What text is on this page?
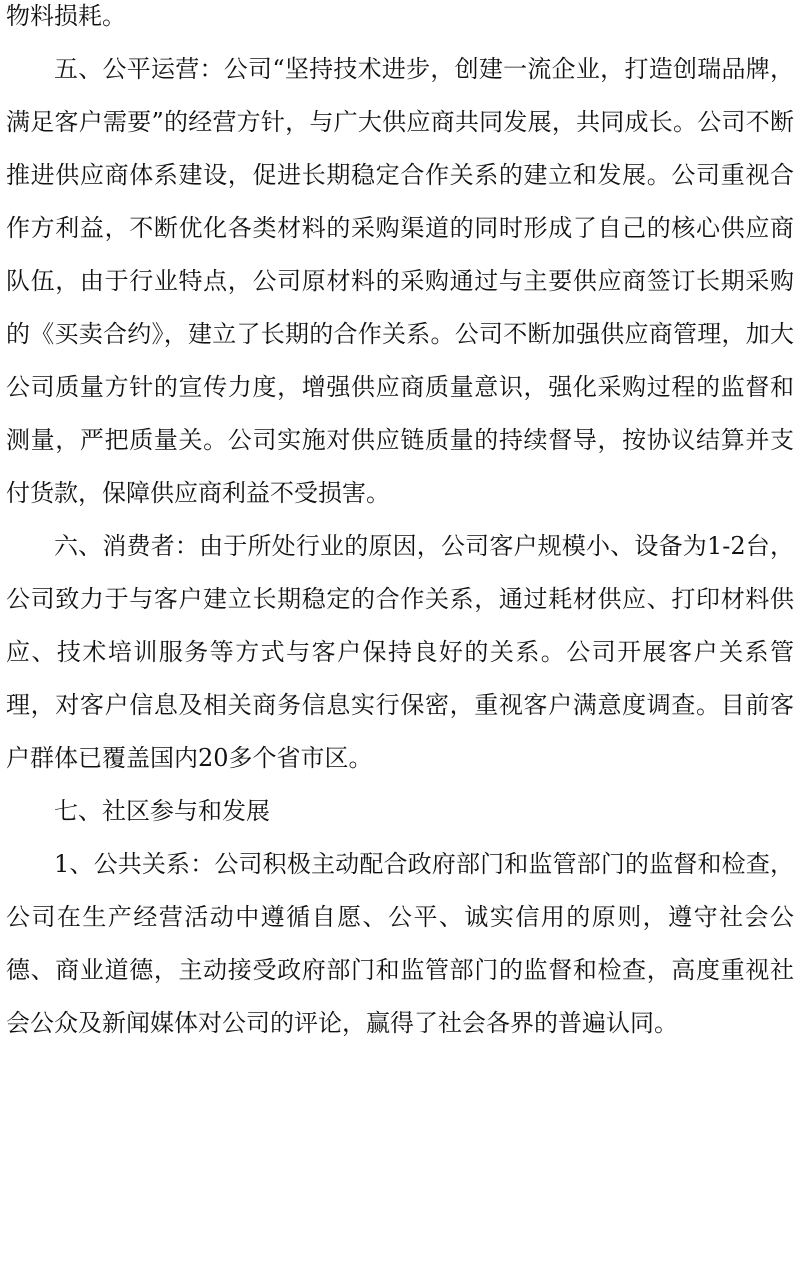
物料损耗。

五、公平运营：公司“坚持技术进步，创建一流企业，打造创瑞品牌，满足客户需要”的经营方针，与广大供应商共同发展，共同成长。公司不断推进供应商体系建设，促进长期稳定合作关系的建立和发展。公司重视合作方利益，不断优化各类材料的采购渠道的同时形成了自己的核心供应商队伍，由于行业特点，公司原材料的采购通过与主要供应商签订长期采购的《买卖合约》，建立了长期的合作关系。公司不断加强供应商管理，加大公司质量方针的宣传力度，增强供应商质量意识，强化采购过程的监督和测量，严把质量关。公司实施对供应链质量的持续督导，按协议结算并支付货款，保障供应商利益不受损害。

六、消费者：由于所处行业的原因，公司客户规模小、设备为1-2台，公司致力于与客户建立长期稳定的合作关系，通过耗材供应、打印材料供应、技术培训服务等方式与客户保持良好的关系。公司开展客户关系管理，对客户信息及相关商务信息实行保密，重视客户满意度调查。目前客户群体已覆盖国内20多个省市区。

七、社区参与和发展

1、公共关系：公司积极主动配合政府部门和监管部门的监督和检查，公司在生产经营活动中遵循自愿、公平、诚实信用的原则，遵守社会公德、商业道德，主动接受政府部门和监管部门的监督和检查，高度重视社会公众及新闻媒体对公司的评论，赢得了社会各界的普遍认同。
